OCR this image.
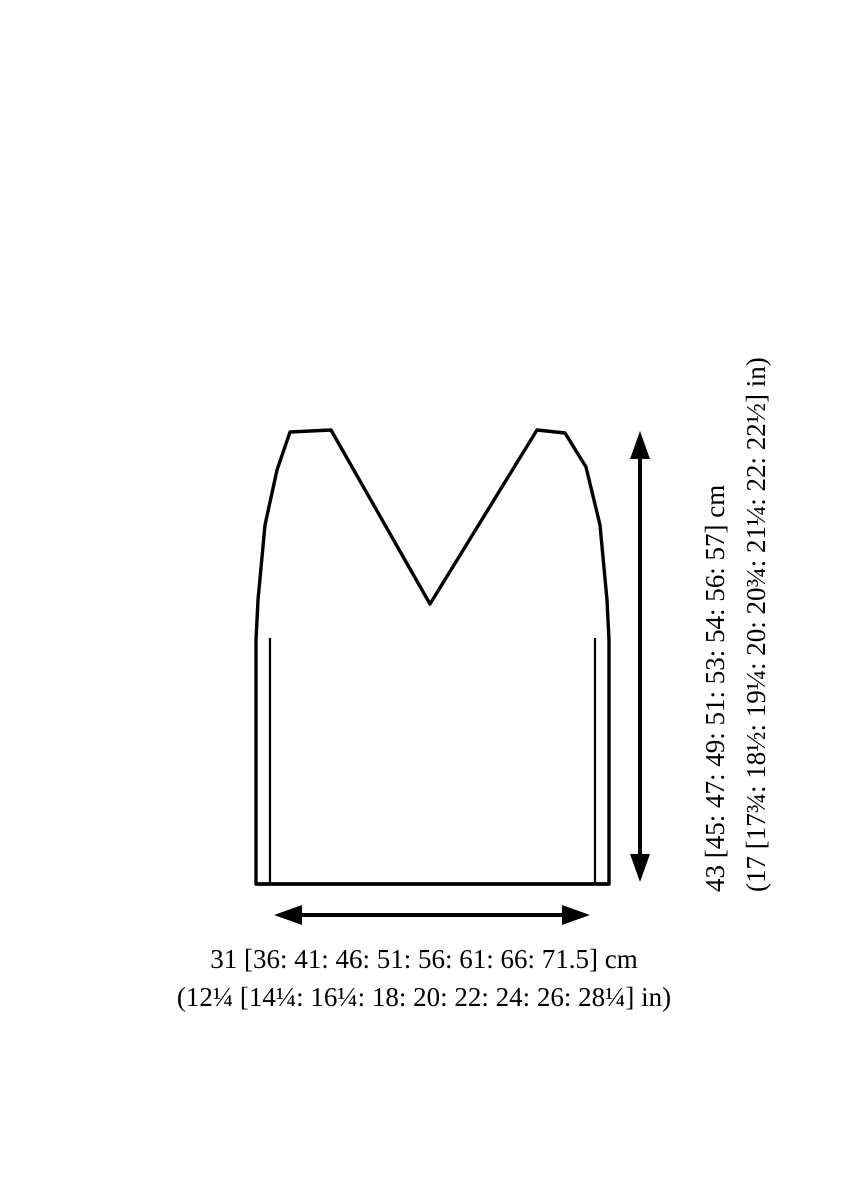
43 [45: 47: 49: 51: 53: 54: 56: 57] cm (17 [17¾: 18½: 19¼: 20: 20¾: 21¼: 22: 22½] in)
31 [36: 41: 46: 51: 56: 61: 66: 71.5] cm
(12¼ [14¼: 16¼: 18: 20: 22: 24: 26: 28¼] in)
